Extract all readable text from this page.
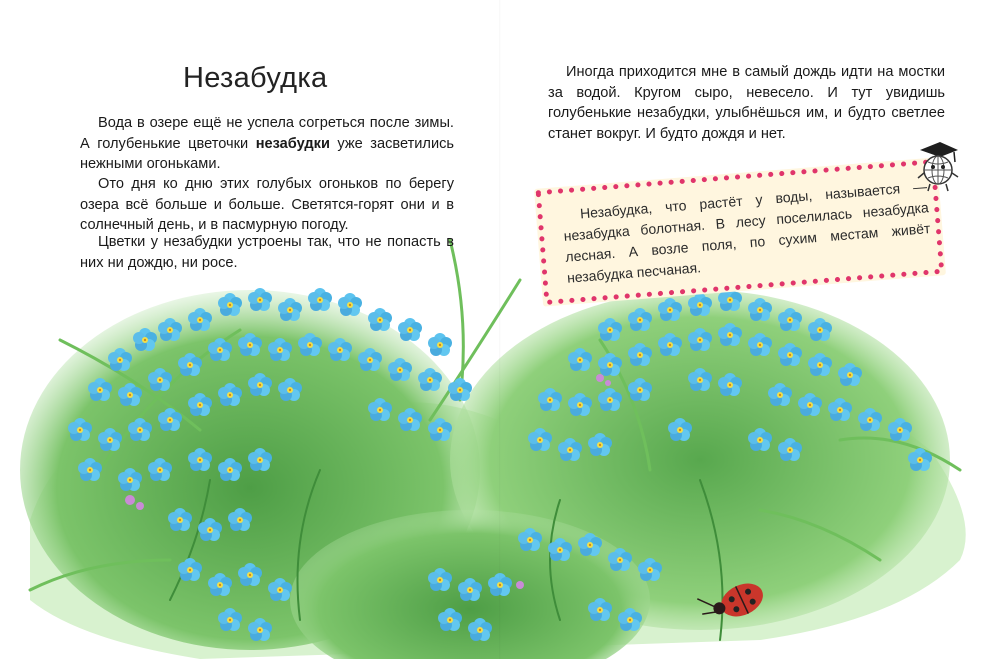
Незабудка

Вода в озере ещё не успела согреться после зимы. А голубенькие цветочки незабудки уже засветились нежными огоньками.

Ото дня ко дню этих голубых огоньков по берегу озера всё больше и больше. Светятся-горят они и в солнечный день, и в пасмурную погоду.

Цветки у незабудки устроены так, что не попасть в них ни дождю, ни росе.

Иногда приходится мне в самый дождь идти на мостки за водой. Кругом сыро, невесело. И тут увидишь голубенькие незабудки, улыбнёшься им, и будто светлее станет вокруг. И будто дождя и нет.

Незабудка, что растёт у воды, называется — незабудка болотная. В лесу поселилась незабудка лесная. А возле поля, по сухим местам живёт незабудка песчаная.
